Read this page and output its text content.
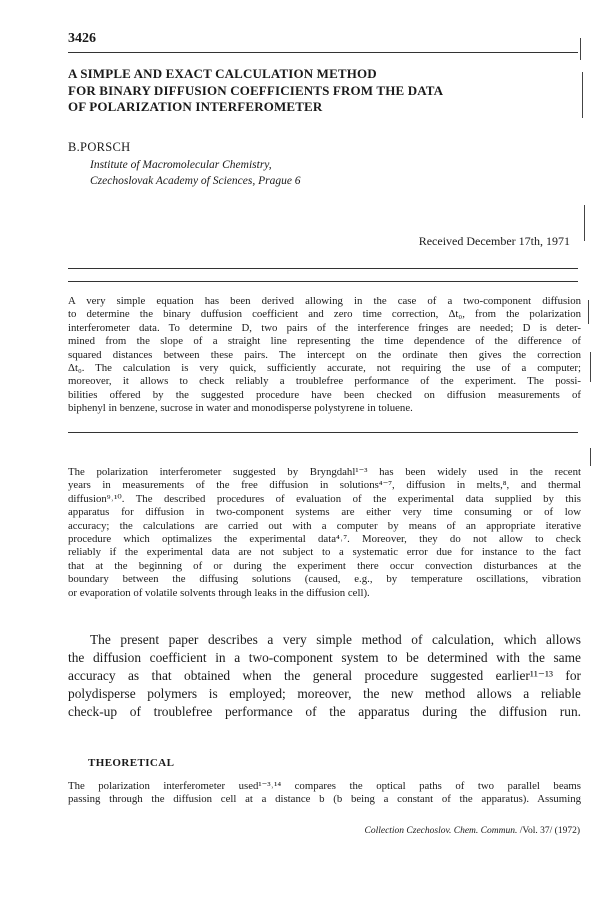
3426
A SIMPLE AND EXACT CALCULATION METHOD
FOR BINARY DIFFUSION COEFFICIENTS FROM THE DATA
OF POLARIZATION INTERFEROMETER
B.PORSCH
Institute of Macromolecular Chemistry,
Czechoslovak Academy of Sciences, Prague 6
Received December 17th, 1971
A very simple equation has been derived allowing in the case of a two-component diffusion
to determine the binary duffusion coefficient and zero time correction, Δt₀, from the polarization
interferometer data. To determine D, two pairs of the interference fringes are needed; D is deter-
mined from the slope of a straight line representing the time dependence of the difference of
squared distances between these pairs. The intercept on the ordinate then gives the correction
Δt₀. The calculation is very quick, sufficiently accurate, not requiring the use of a computer;
moreover, it allows to check reliably a troublefree performance of the experiment. The possi-
bilities offered by the suggested procedure have been checked on diffusion measurements of
biphenyl in benzene, sucrose in water and monodisperse polystyrene in toluene.
The polarization interferometer suggested by Bryngdahl¹⁻³ has been widely used in the recent
years in measurements of the free diffusion in solutions⁴⁻⁷, diffusion in melts,⁸, and thermal
diffusion⁹˒¹⁰. The described procedures of evaluation of the experimental data supplied by this
apparatus for diffusion in two-component systems are either very time consuming or of low
accuracy; the calculations are carried out with a computer by means of an appropriate iterative
procedure which optimalizes the experimental data⁴˒⁷. Moreover, they do not allow to check
reliably if the experimental data are not subject to a systematic error due for instance to the fact
that at the beginning of or during the experiment there occur convection disturbances at the
boundary between the diffusing solutions (caused, e.g., by temperature oscillations, vibration
or evaporation of volatile solvents through leaks in the diffusion cell).
The present paper describes a very simple method of calculation, which allows
the diffusion coefficient in a two-component system to be determined with the same
accuracy as that obtained when the general procedure suggested earlier¹¹⁻¹³ for
polydisperse polymers is employed; moreover, the new method allows a reliable
check-up of troublefree performance of the apparatus during the diffusion run.
THEORETICAL
The polarization interferometer used¹⁻³˒¹⁴ compares the optical paths of two parallel beams
passing through the diffusion cell at a distance b (b being a constant of the apparatus). Assuming
Collection Czechoslov. Chem. Commun. /Vol. 37/ (1972)
